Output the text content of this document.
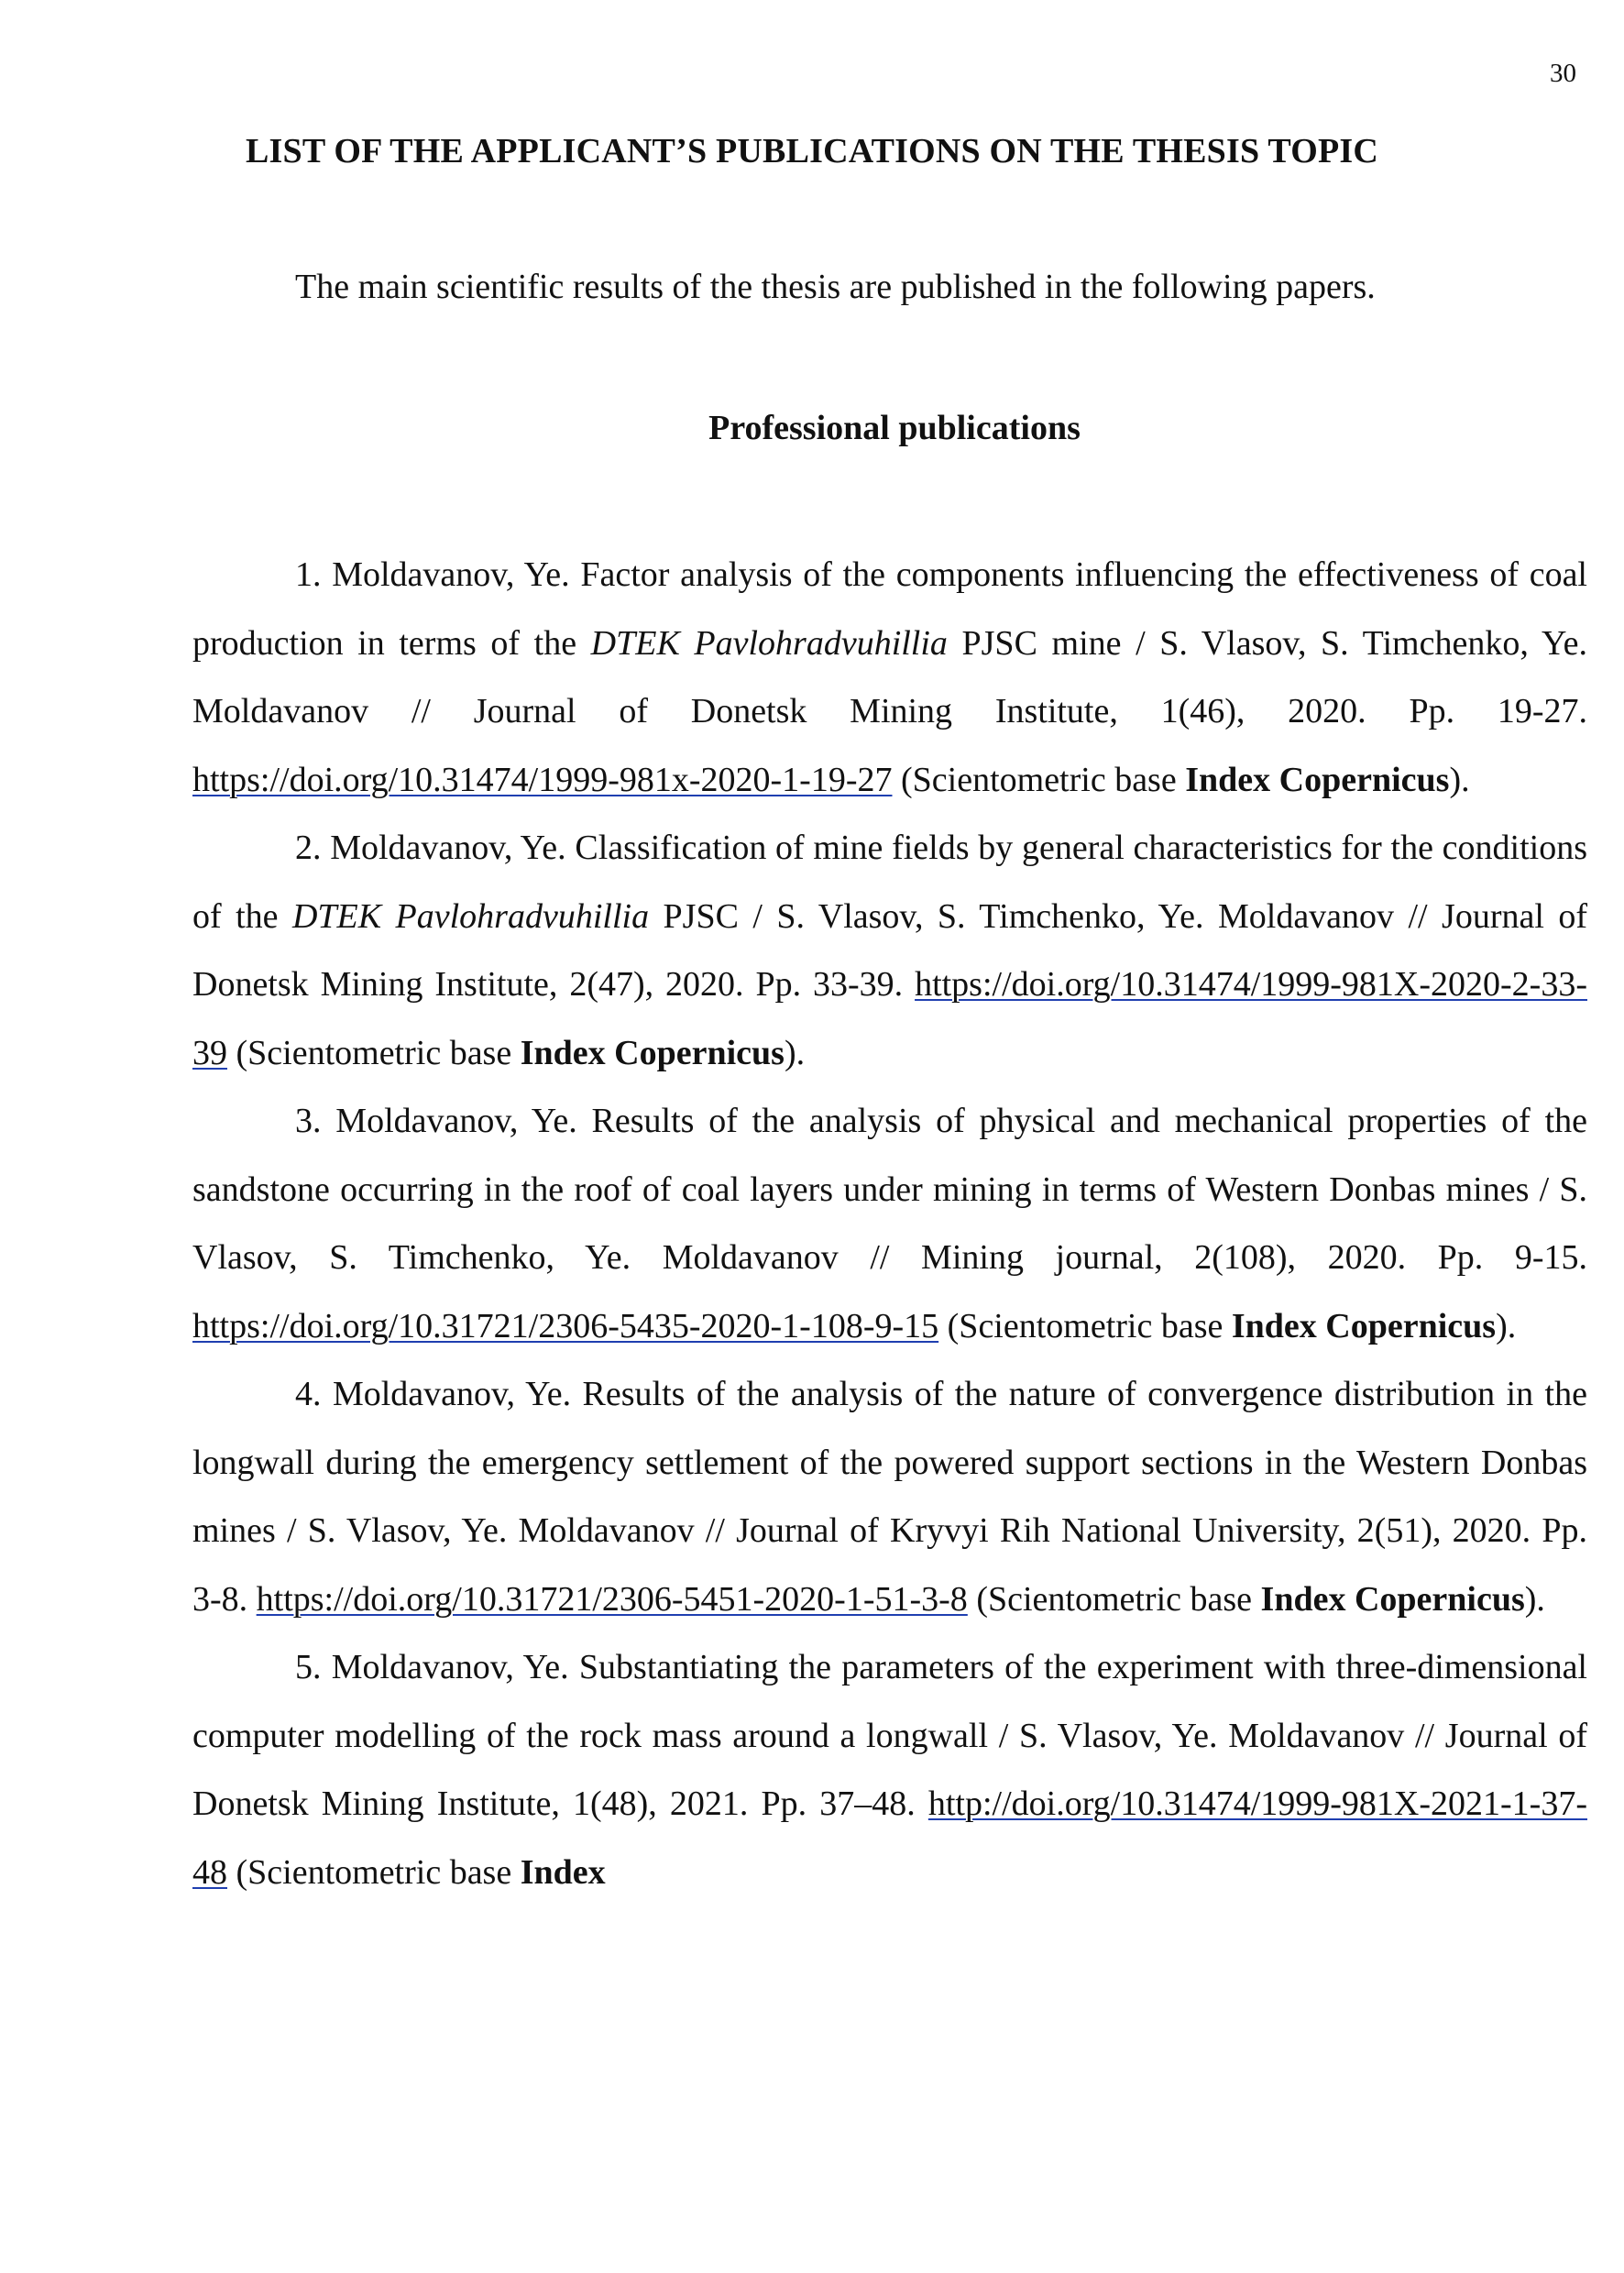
30
LIST OF THE APPLICANT’S PUBLICATIONS ON THE THESIS TOPIC
The main scientific results of the thesis are published in the following papers.
Professional publications

1. Moldavanov, Ye. Factor analysis of the components influencing the effectiveness of coal production in terms of the DTEK Pavlohradvuhillia PJSC mine / S. Vlasov, S. Timchenko, Ye. Moldavanov // Journal of Donetsk Mining Institute, 1(46), 2020. Pp. 19-27. https://doi.org/10.31474/1999-981x-2020-1-19-27 (Scientometric base Index Copernicus).

2. Moldavanov, Ye. Classification of mine fields by general characteristics for the conditions of the DTEK Pavlohradvuhillia PJSC / S. Vlasov, S. Timchenko, Ye. Moldavanov // Journal of Donetsk Mining Institute, 2(47), 2020. Pp. 33-39. https://doi.org/10.31474/1999-981X-2020-2-33-39 (Scientometric base Index Copernicus).

3. Moldavanov, Ye. Results of the analysis of physical and mechanical properties of the sandstone occurring in the roof of coal layers under mining in terms of Western Donbas mines / S. Vlasov, S. Timchenko, Ye. Moldavanov // Mining journal, 2(108), 2020. Pp. 9-15. https://doi.org/10.31721/2306-5435-2020-1-108-9-15 (Scientometric base Index Copernicus).

4. Moldavanov, Ye. Results of the analysis of the nature of convergence distribution in the longwall during the emergency settlement of the powered support sections in the Western Donbas mines / S. Vlasov, Ye. Moldavanov // Journal of Kryvyi Rih National University, 2(51), 2020. Pp. 3-8. https://doi.org/10.31721/2306-5451-2020-1-51-3-8 (Scientometric base Index Copernicus).

5. Moldavanov, Ye. Substantiating the parameters of the experiment with three-dimensional computer modelling of the rock mass around a longwall / S. Vlasov, Ye. Moldavanov // Journal of Donetsk Mining Institute, 1(48), 2021. Pp. 37–48. http://doi.org/10.31474/1999-981X-2021-1-37-48 (Scientometric base Index
